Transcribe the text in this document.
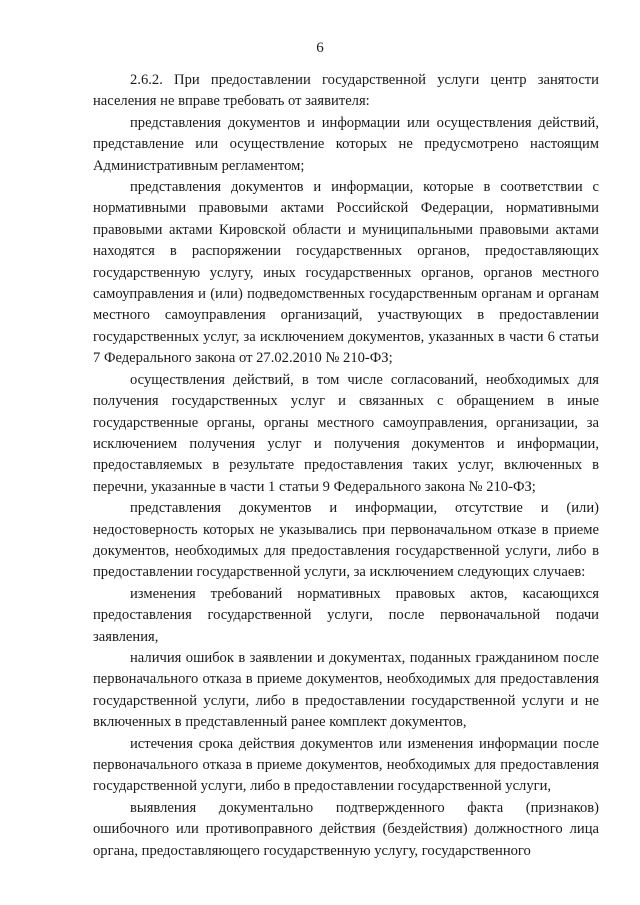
6

2.6.2. При предоставлении государственной услуги центр занятости населения не вправе требовать от заявителя:

представления документов и информации или осуществления действий, представление или осуществление которых не предусмотрено настоящим Административным регламентом;

представления документов и информации, которые в соответствии с нормативными правовыми актами Российской Федерации, нормативными правовыми актами Кировской области и муниципальными правовыми актами находятся в распоряжении государственных органов, предоставляющих государственную услугу, иных государственных органов, органов местного самоуправления и (или) подведомственных государственным органам и органам местного самоуправления организаций, участвующих в предоставлении государственных услуг, за исключением документов, указанных в части 6 статьи 7 Федерального закона от 27.02.2010 № 210-ФЗ;

осуществления действий, в том числе согласований, необходимых для получения государственных услуг и связанных с обращением в иные государственные органы, органы местного самоуправления, организации, за исключением получения услуг и получения документов и информации, предоставляемых в результате предоставления таких услуг, включенных в перечни, указанные в части 1 статьи 9 Федерального закона № 210-ФЗ;

представления документов и информации, отсутствие и (или) недостоверность которых не указывались при первоначальном отказе в приеме документов, необходимых для предоставления государственной услуги, либо в предоставлении государственной услуги, за исключением следующих случаев:

изменения требований нормативных правовых актов, касающихся предоставления государственной услуги, после первоначальной подачи заявления,

наличия ошибок в заявлении и документах, поданных гражданином после первоначального отказа в приеме документов, необходимых для предоставления государственной услуги, либо в предоставлении государственной услуги и не включенных в представленный ранее комплект документов,

истечения срока действия документов или изменения информации после первоначального отказа в приеме документов, необходимых для предоставления государственной услуги, либо в предоставлении государственной услуги,

выявления документально подтвержденного факта (признаков) ошибочного или противоправного действия (бездействия) должностного лица органа, предоставляющего государственную услугу, государственного
